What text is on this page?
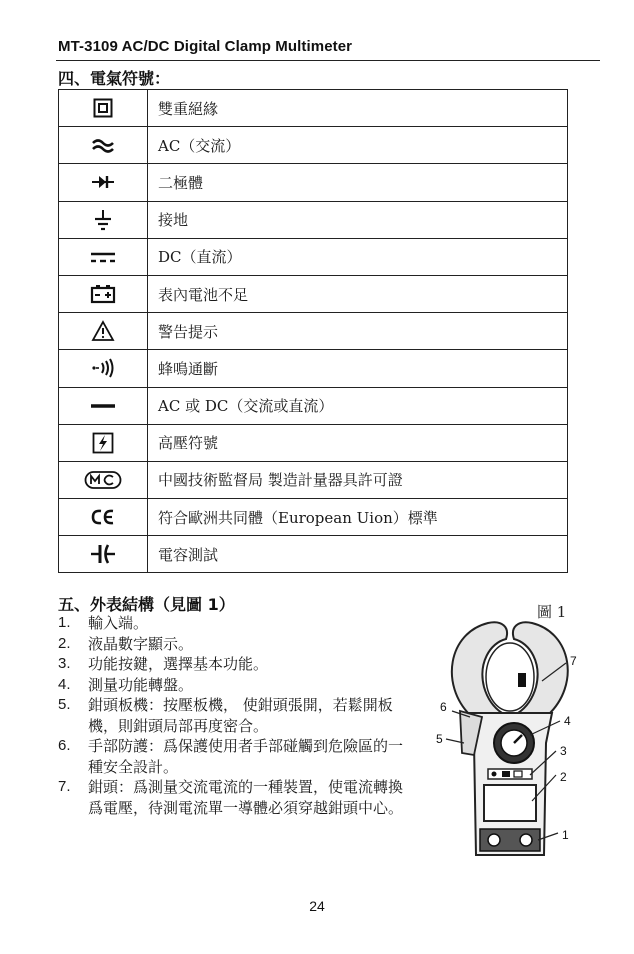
MT-3109 AC/DC Digital Clamp Multimeter
四、電氣符號：
	雙重絕緣

	AC（交流）

	二極體

	接地

	DC（直流）

	表內電池不足

	警告提示

	蜂鳴通斷

	AC 或 DC（交流或直流）

	高壓符號

	中國技術監督局 製造計量器具許可證

	符合歐洲共同體（European Uion）標準

	電容測試
五、外表結構（見圖 1）
1. 輸入端。
2. 液晶數字顯示。
3. 功能按鍵，選擇基本功能。
4. 測量功能轉盤。
5. 鉗頭板機：按壓板機， 使鉗頭張開，若鬆開板機，則鉗頭局部再度密合。
6. 手部防護：爲保護使用者手部碰觸到危險區的一種安全設計。
7. 鉗頭：爲測量交流電流的一種裝置，使電流轉換爲電壓，待測電流單一導體必須穿越鉗頭中心。
圖 1
1
2
3
4
5
6
7
24
